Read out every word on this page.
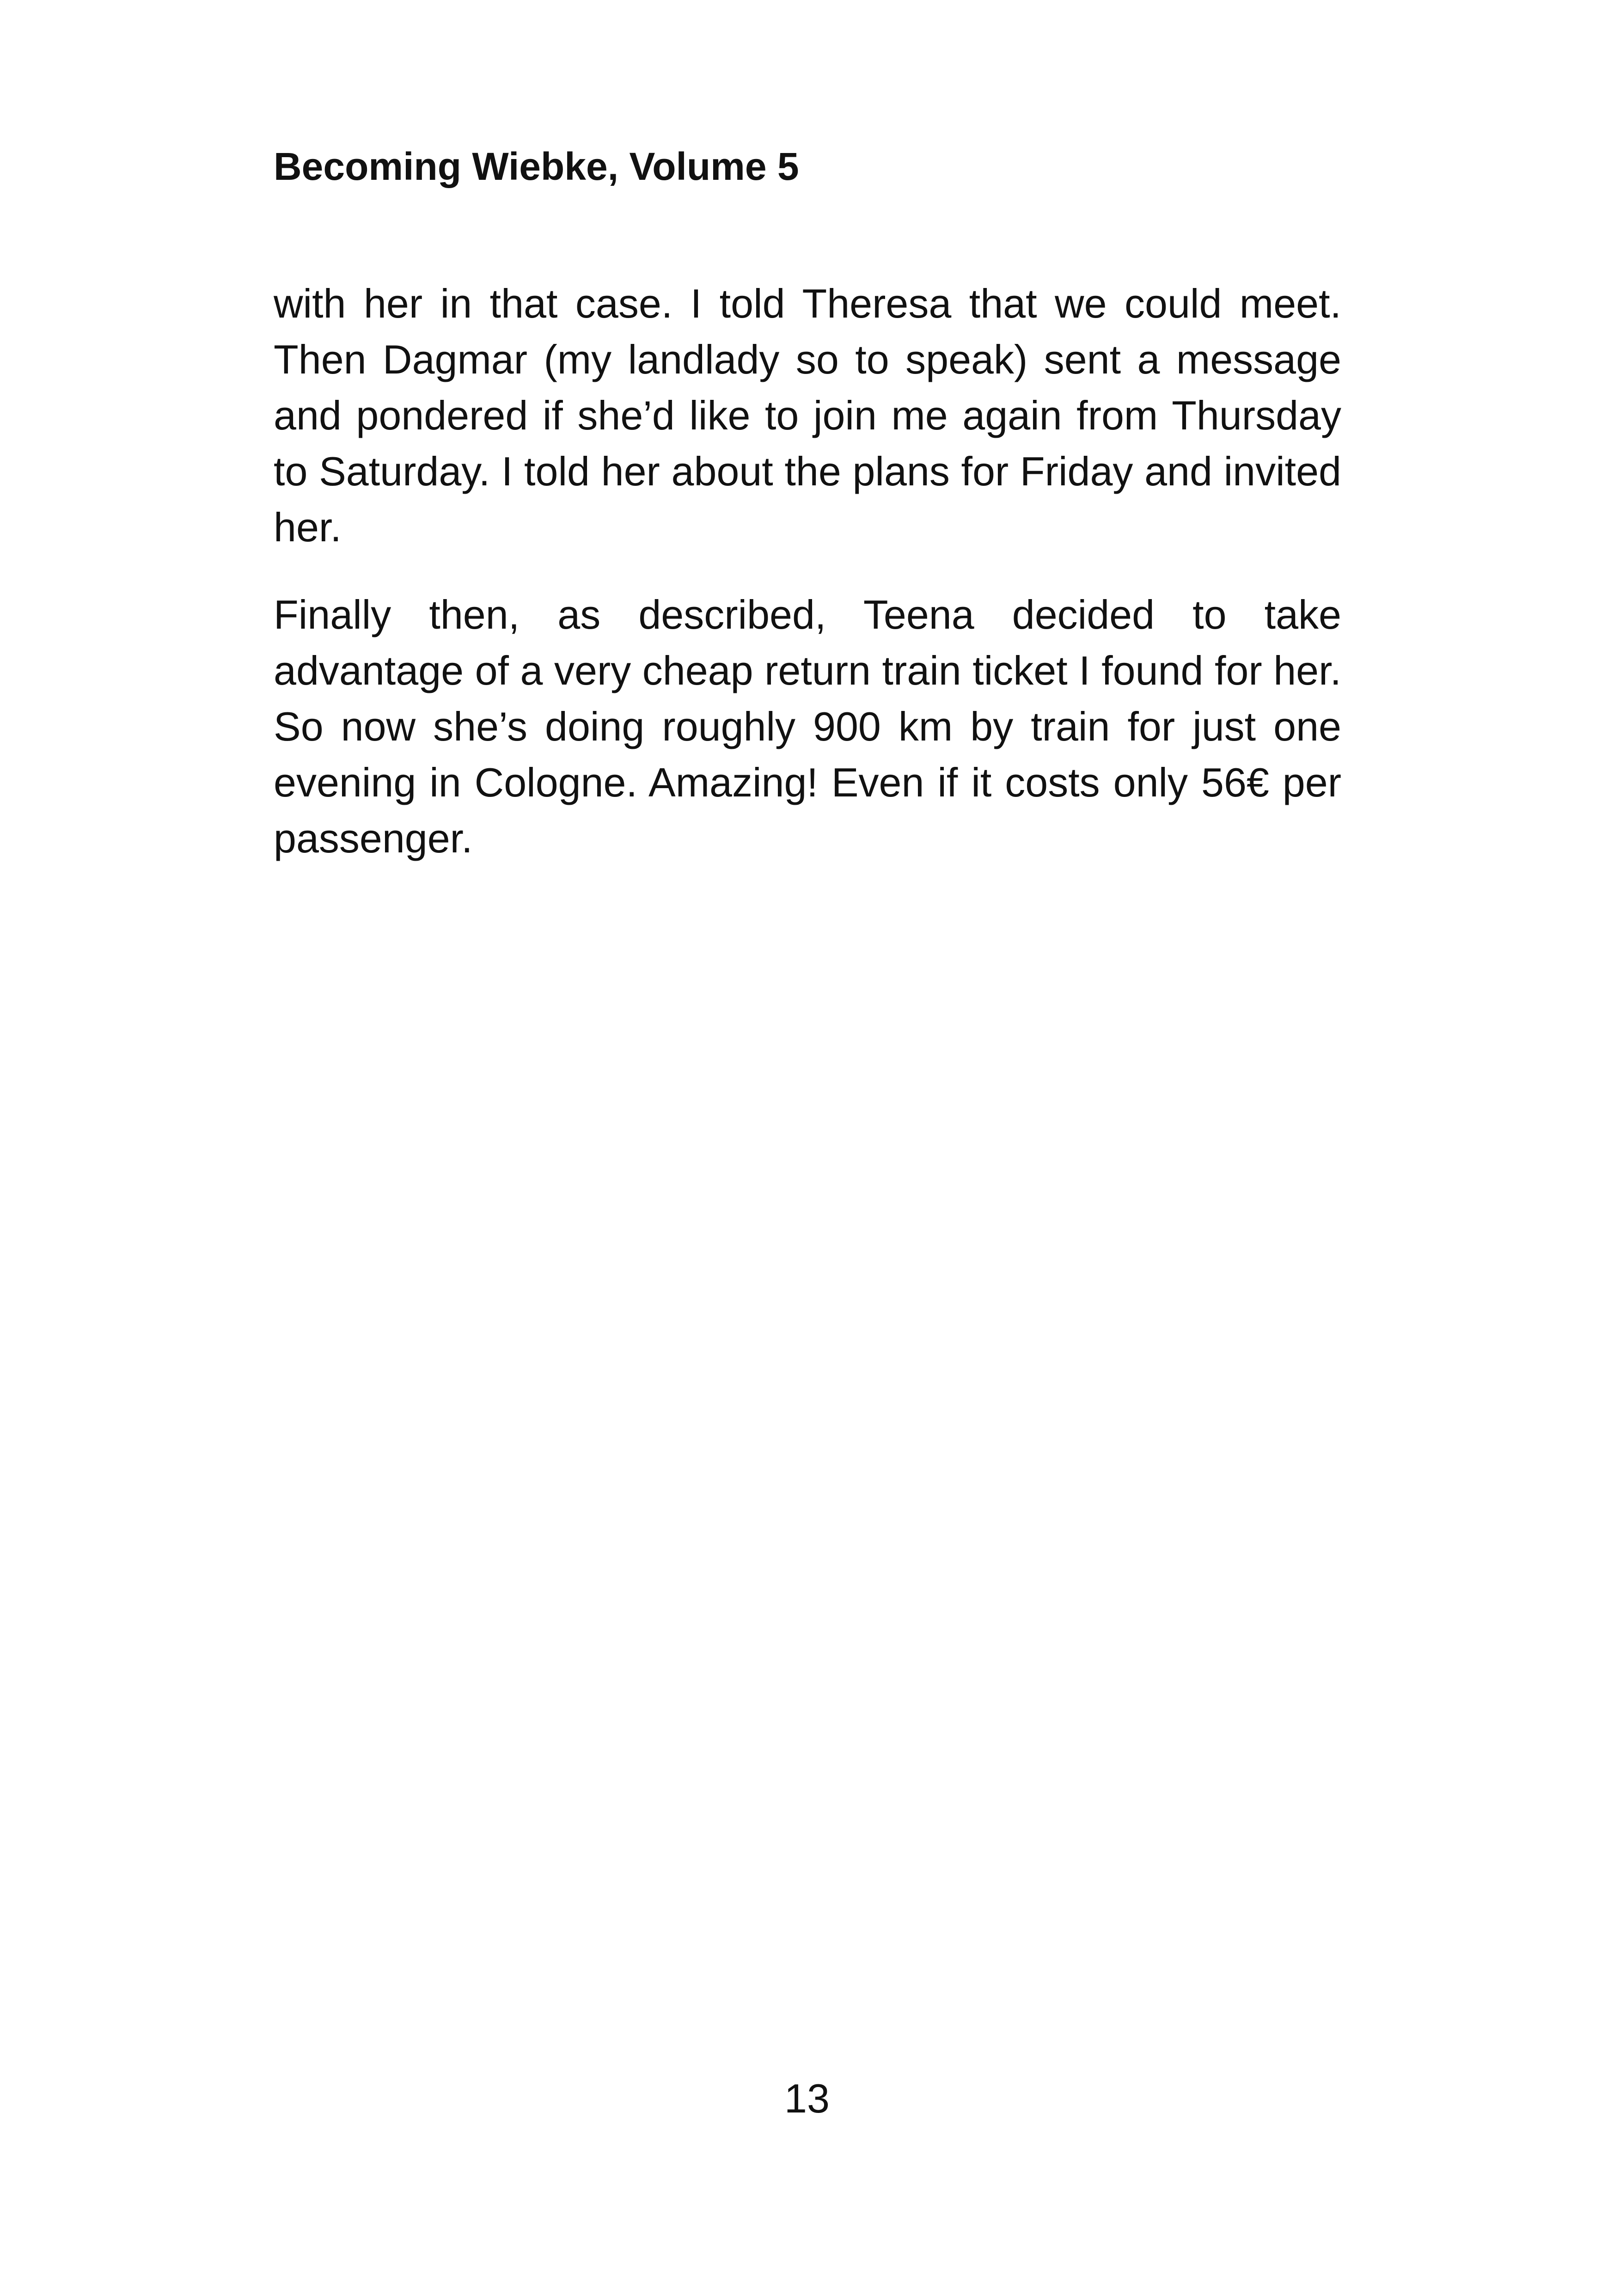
Becoming Wiebke, Volume 5

with her in that case. I told Theresa that we could meet. Then Dagmar (my landlady so to speak) sent a message and pondered if she’d like to join me again from Thursday to Saturday. I told her about the plans for Friday and invited her.

Finally then, as described, Teena decided to take advantage of a very cheap return train ticket I found for her. So now she’s doing roughly 900 km by train for just one evening in Cologne. Amazing! Even if it costs only 56€ per passenger.

13
